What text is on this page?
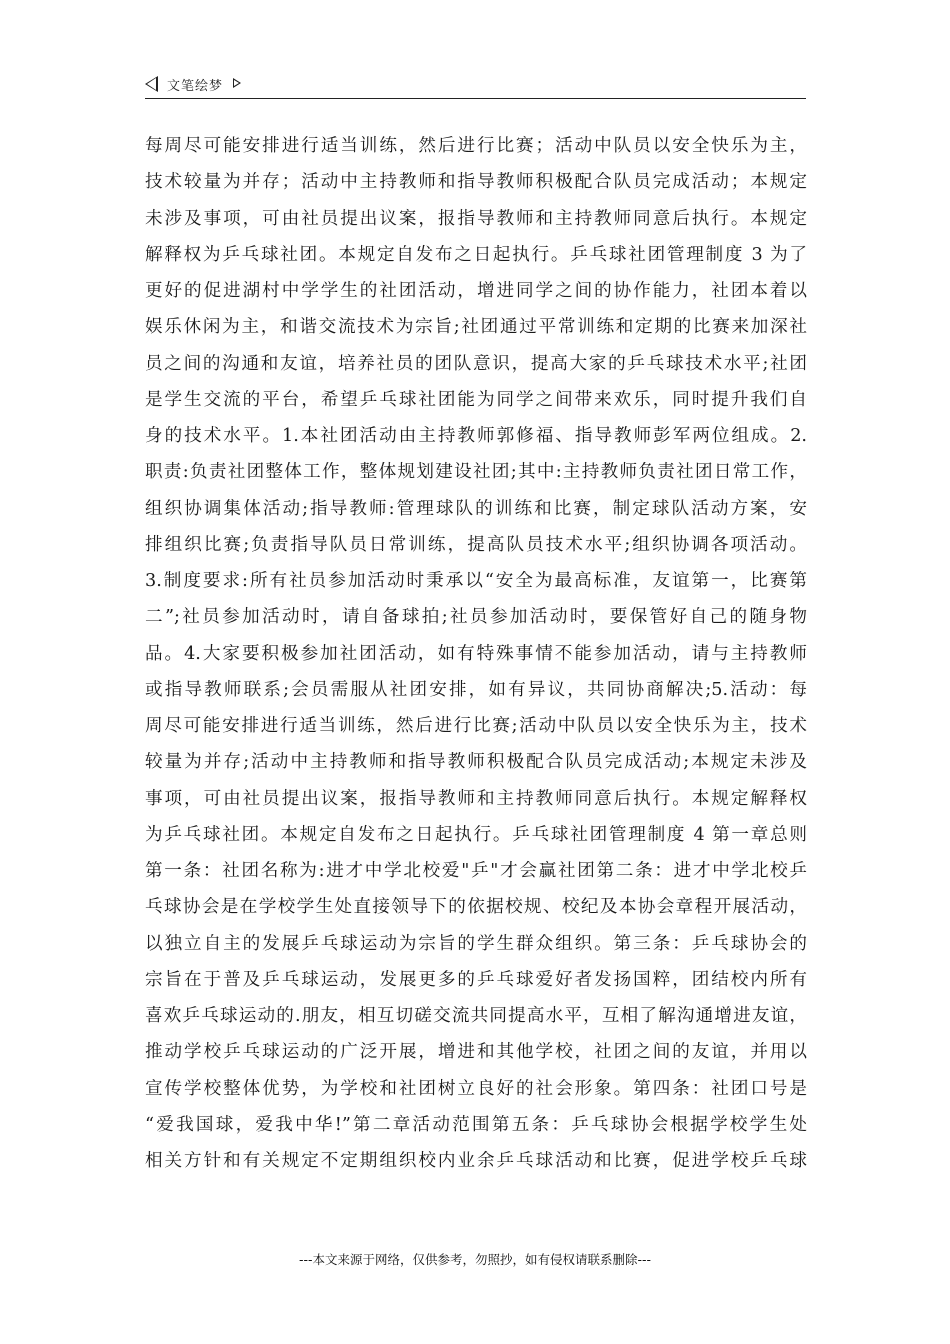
文笔绘梦
每周尽可能安排进行适当训练，然后进行比赛；活动中队员以安全快乐为主，
技术较量为并存；活动中主持教师和指导教师积极配合队员完成活动；本规定
未涉及事项，可由社员提出议案，报指导教师和主持教师同意后执行。本规定
解释权为乒乓球社团。本规定自发布之日起执行。乒乓球社团管理制度 3 为了
更好的促进湖村中学学生的社团活动，增进同学之间的协作能力，社团本着以
娱乐休闲为主，和谐交流技术为宗旨;社团通过平常训练和定期的比赛来加深社
员之间的沟通和友谊，培养社员的团队意识，提高大家的乒乓球技术水平;社团
是学生交流的平台，希望乒乓球社团能为同学之间带来欢乐，同时提升我们自
身的技术水平。1.本社团活动由主持教师郭修福、指导教师彭军两位组成。2.
职责:负责社团整体工作，整体规划建设社团;其中:主持教师负责社团日常工作，
组织协调集体活动;指导教师:管理球队的训练和比赛，制定球队活动方案，安
排组织比赛;负责指导队员日常训练，提高队员技术水平;组织协调各项活动。
3.制度要求:所有社员参加活动时秉承以“安全为最高标准，友谊第一，比赛第
二”;社员参加活动时，请自备球拍;社员参加活动时，要保管好自己的随身物
品。4.大家要积极参加社团活动，如有特殊事情不能参加活动，请与主持教师
或指导教师联系;会员需服从社团安排，如有异议，共同协商解决;5.活动：每
周尽可能安排进行适当训练，然后进行比赛;活动中队员以安全快乐为主，技术
较量为并存;活动中主持教师和指导教师积极配合队员完成活动;本规定未涉及
事项，可由社员提出议案，报指导教师和主持教师同意后执行。本规定解释权
为乒乓球社团。本规定自发布之日起执行。乒乓球社团管理制度 4 第一章总则
第一条：社团名称为:进才中学北校爱"乒"才会赢社团第二条：进才中学北校乒
乓球协会是在学校学生处直接领导下的依据校规、校纪及本协会章程开展活动，
以独立自主的发展乒乓球运动为宗旨的学生群众组织。第三条：乒乓球协会的
宗旨在于普及乒乓球运动，发展更多的乒乓球爱好者发扬国粹，团结校内所有
喜欢乒乓球运动的.朋友，相互切磋交流共同提高水平，互相了解沟通增进友谊，
推动学校乒乓球运动的广泛开展，增进和其他学校，社团之间的友谊，并用以
宣传学校整体优势，为学校和社团树立良好的社会形象。第四条：社团口号是
“爱我国球，爱我中华!”第二章活动范围第五条：乒乓球协会根据学校学生处
相关方针和有关规定不定期组织校内业余乒乓球活动和比赛，促进学校乒乓球
---本文来源于网络，仅供参考，勿照抄，如有侵权请联系删除---
